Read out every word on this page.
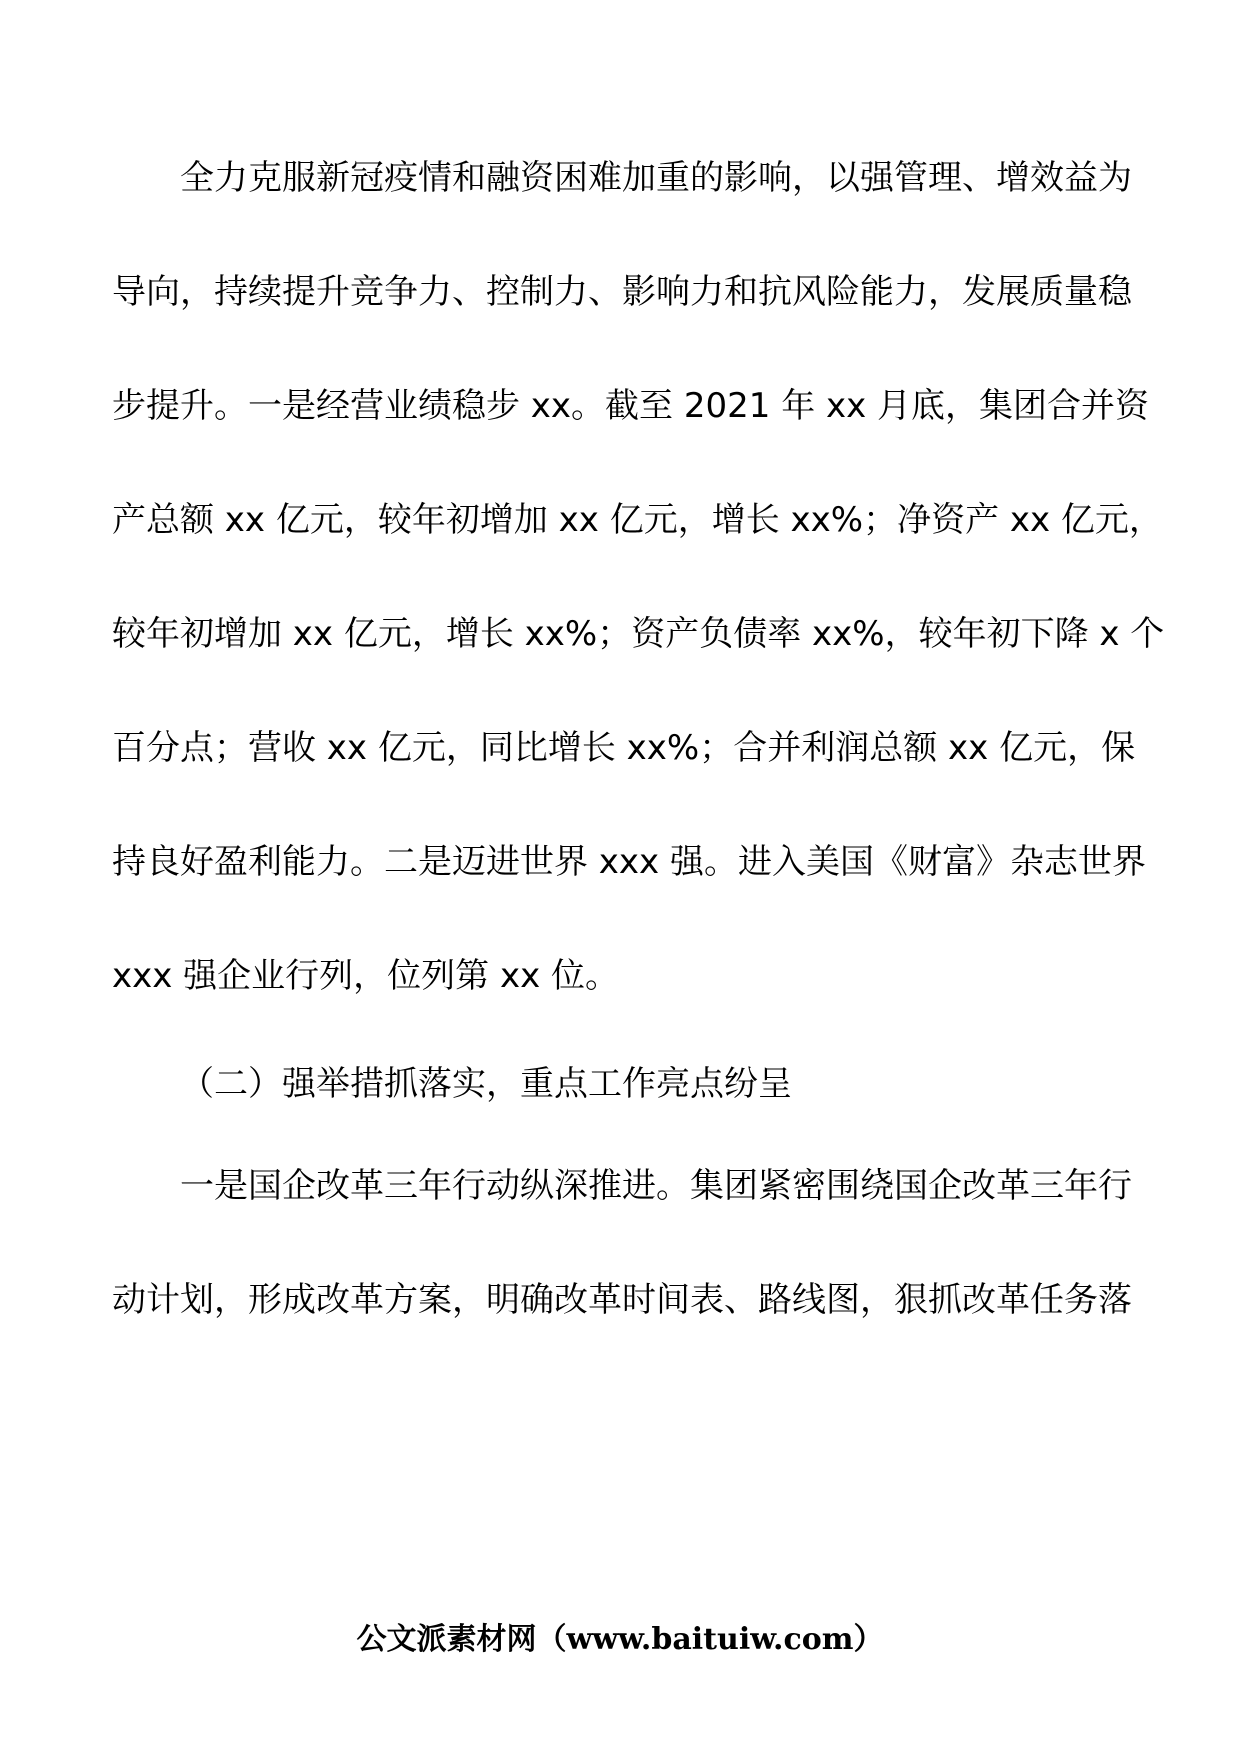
全力克服新冠疫情和融资困难加重的影响，以强管理、增效益为
导向，持续提升竞争力、控制力、影响力和抗风险能力，发展质量稳
步提升。一是经营业绩稳步 xx。截至 2021 年 xx 月底，集团合并资
产总额 xx 亿元，较年初增加 xx 亿元，增长 xx%；净资产 xx 亿元，
较年初增加 xx 亿元，增长 xx%；资产负债率 xx%，较年初下降 x 个
百分点；营收 xx 亿元，同比增长 xx%；合并利润总额 xx 亿元，保
持良好盈利能力。二是迈进世界 xxx 强。进入美国《财富》杂志世界
xxx 强企业行列，位列第 xx 位。
（二）强举措抓落实，重点工作亮点纷呈
一是国企改革三年行动纵深推进。集团紧密围绕国企改革三年行
动计划，形成改革方案，明确改革时间表、路线图，狠抓改革任务落
公文派素材网（www.baituiw.com）
